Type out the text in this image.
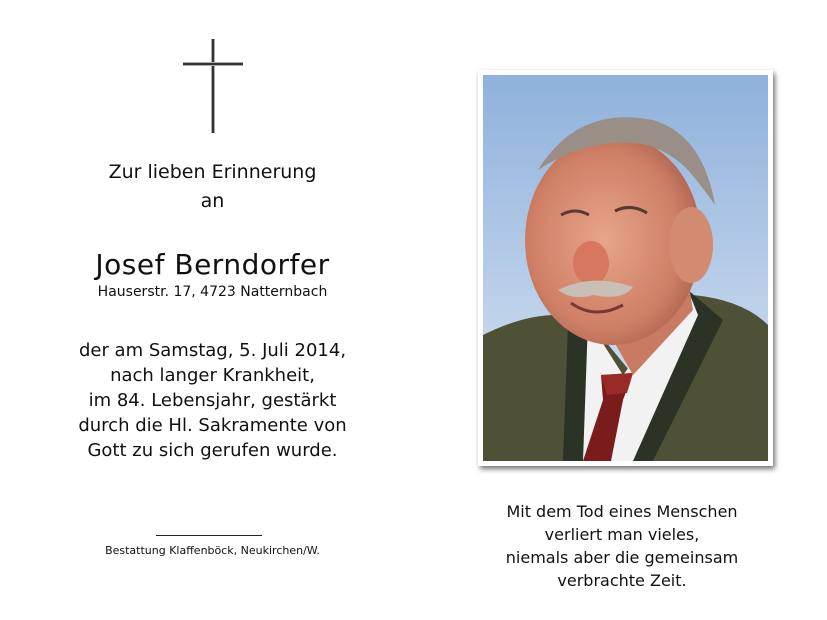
Zur lieben Erinnerung
an
Josef Berndorfer
Hauserstr. 17, 4723 Natternbach
der am Samstag, 5. Juli 2014,
nach langer Krankheit,
im 84. Lebensjahr, gestärkt
durch die Hl. Sakramente von
Gott zu sich gerufen wurde.
Bestattung Klaffenböck, Neukirchen/W.
Mit dem Tod eines Menschen
verliert man vieles,
niemals aber die gemeinsam
verbrachte Zeit.
